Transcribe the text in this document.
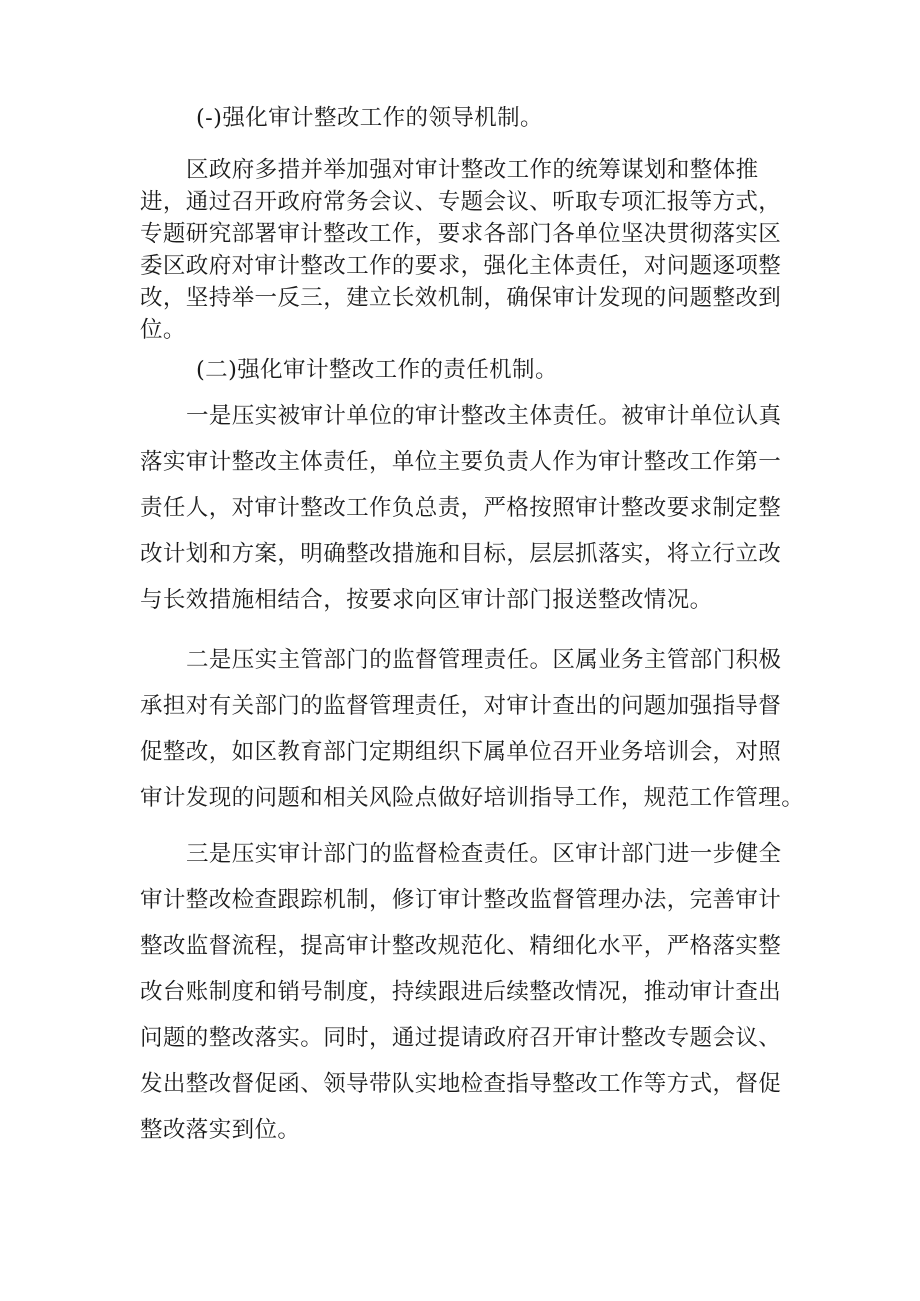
(-)强化审计整改工作的领导机制。
区政府多措并举加强对审计整改工作的统筹谋划和整体推
进，通过召开政府常务会议、专题会议、听取专项汇报等方式，
专题研究部署审计整改工作，要求各部门各单位坚决贯彻落实区
委区政府对审计整改工作的要求，强化主体责任，对问题逐项整
改，坚持举一反三，建立长效机制，确保审计发现的问题整改到
位。
(二)强化审计整改工作的责任机制。
一是压实被审计单位的审计整改主体责任。被审计单位认真
落实审计整改主体责任，单位主要负责人作为审计整改工作第一
责任人，对审计整改工作负总责，严格按照审计整改要求制定整
改计划和方案，明确整改措施和目标，层层抓落实，将立行立改
与长效措施相结合，按要求向区审计部门报送整改情况。
二是压实主管部门的监督管理责任。区属业务主管部门积极
承担对有关部门的监督管理责任，对审计查出的问题加强指导督
促整改，如区教育部门定期组织下属单位召开业务培训会，对照
审计发现的问题和相关风险点做好培训指导工作，规范工作管理。
三是压实审计部门的监督检查责任。区审计部门进一步健全
审计整改检查跟踪机制，修订审计整改监督管理办法，完善审计
整改监督流程，提高审计整改规范化、精细化水平，严格落实整
改台账制度和销号制度，持续跟进后续整改情况，推动审计查出
问题的整改落实。同时，通过提请政府召开审计整改专题会议、
发出整改督促函、领导带队实地检查指导整改工作等方式，督促
整改落实到位。
